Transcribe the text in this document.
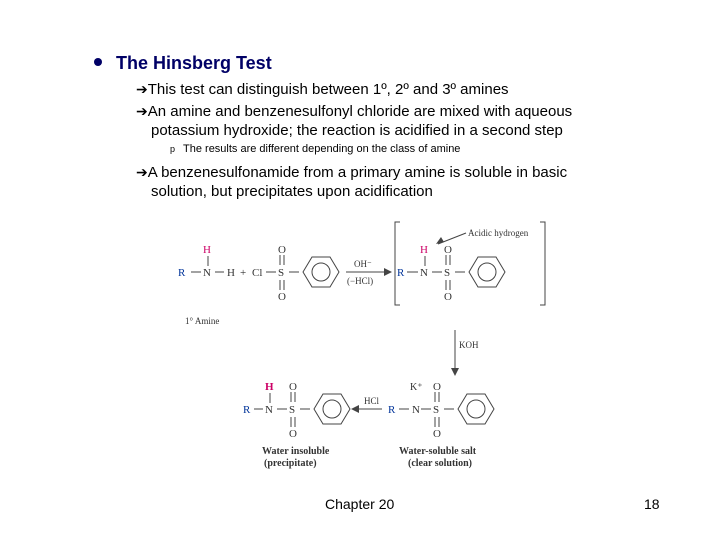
The Hinsberg Test
➔This test can distinguish between 1º, 2º and 3º amines
➔An amine and benzenesulfonyl chloride are mixed with aqueous
potassium hydroxide; the reaction is acidified in a second step
p The results are different depending on the class of amine
➔A benzenesulfonamide from a primary amine is soluble in basic
solution, but precipitates upon acidification
H
R N H + Cl
O
S
O
OH⁻
(−HCl)
H
R N
O
S
O
Acidic hydrogen
1° Amine
KOH
H
R N
O
S
O
HCl
K⁺
R N
O
S
O
Water insoluble
(precipitate)
Water-soluble salt
(clear solution)
Chapter 20	18
